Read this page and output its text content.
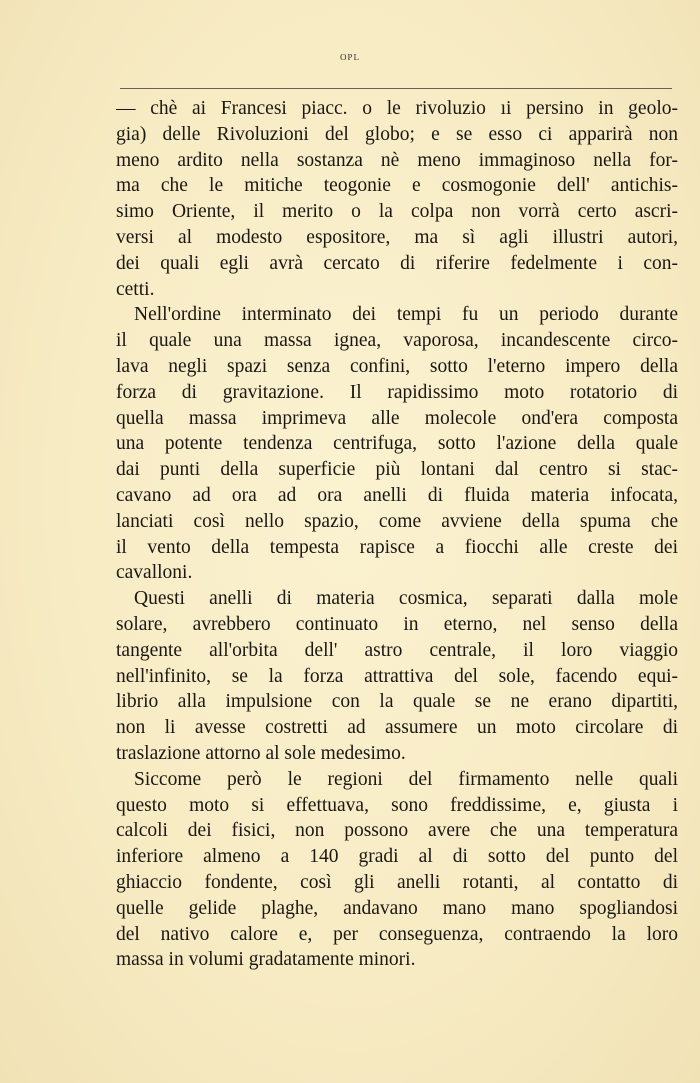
ᴼᴾᴸ
— chè ai Francesi piacc. o le rivoluzio ıi persino in geolo-
gia) delle Rivoluzioni del globo; e se esso ci apparirà non
meno ardito nella sostanza nè meno immaginoso nella for-
ma che le mitiche teogonie e cosmogonie dell' antichis-
simo Oriente, il merito o la colpa non vorrà certo ascri-
versi al modesto espositore, ma sì agli illustri autori,
dei quali egli avrà cercato di riferire fedelmente i con-
cetti.
Nell'ordine interminato dei tempi fu un periodo durante
il quale una massa ignea, vaporosa, incandescente circo-
lava negli spazi senza confini, sotto l'eterno impero della
forza di gravitazione. Il rapidissimo moto rotatorio di
quella massa imprimeva alle molecole ond'era composta
una potente tendenza centrifuga, sotto l'azione della quale
dai punti della superficie più lontani dal centro si stac-
cavano ad ora ad ora anelli di fluida materia infocata,
lanciati così nello spazio, come avviene della spuma che
il vento della tempesta rapisce a fiocchi alle creste dei
cavalloni.
Questi anelli di materia cosmica, separati dalla mole
solare, avrebbero continuato in eterno, nel senso della
tangente all'orbita dell' astro centrale, il loro viaggio
nell'infinito, se la forza attrattiva del sole, facendo equi-
librio alla impulsione con la quale se ne erano dipartiti,
non li avesse costretti ad assumere un moto circolare di
traslazione attorno al sole medesimo.
Siccome però le regioni del firmamento nelle quali
questo moto si effettuava, sono freddissime, e, giusta i
calcoli dei fisici, non possono avere che una temperatura
inferiore almeno a 140 gradi al di sotto del punto del
ghiaccio fondente, così gli anelli rotanti, al contatto di
quelle gelide plaghe, andavano mano mano spogliandosi
del nativo calore e, per conseguenza, contraendo la loro
massa in volumi gradatamente minori.
